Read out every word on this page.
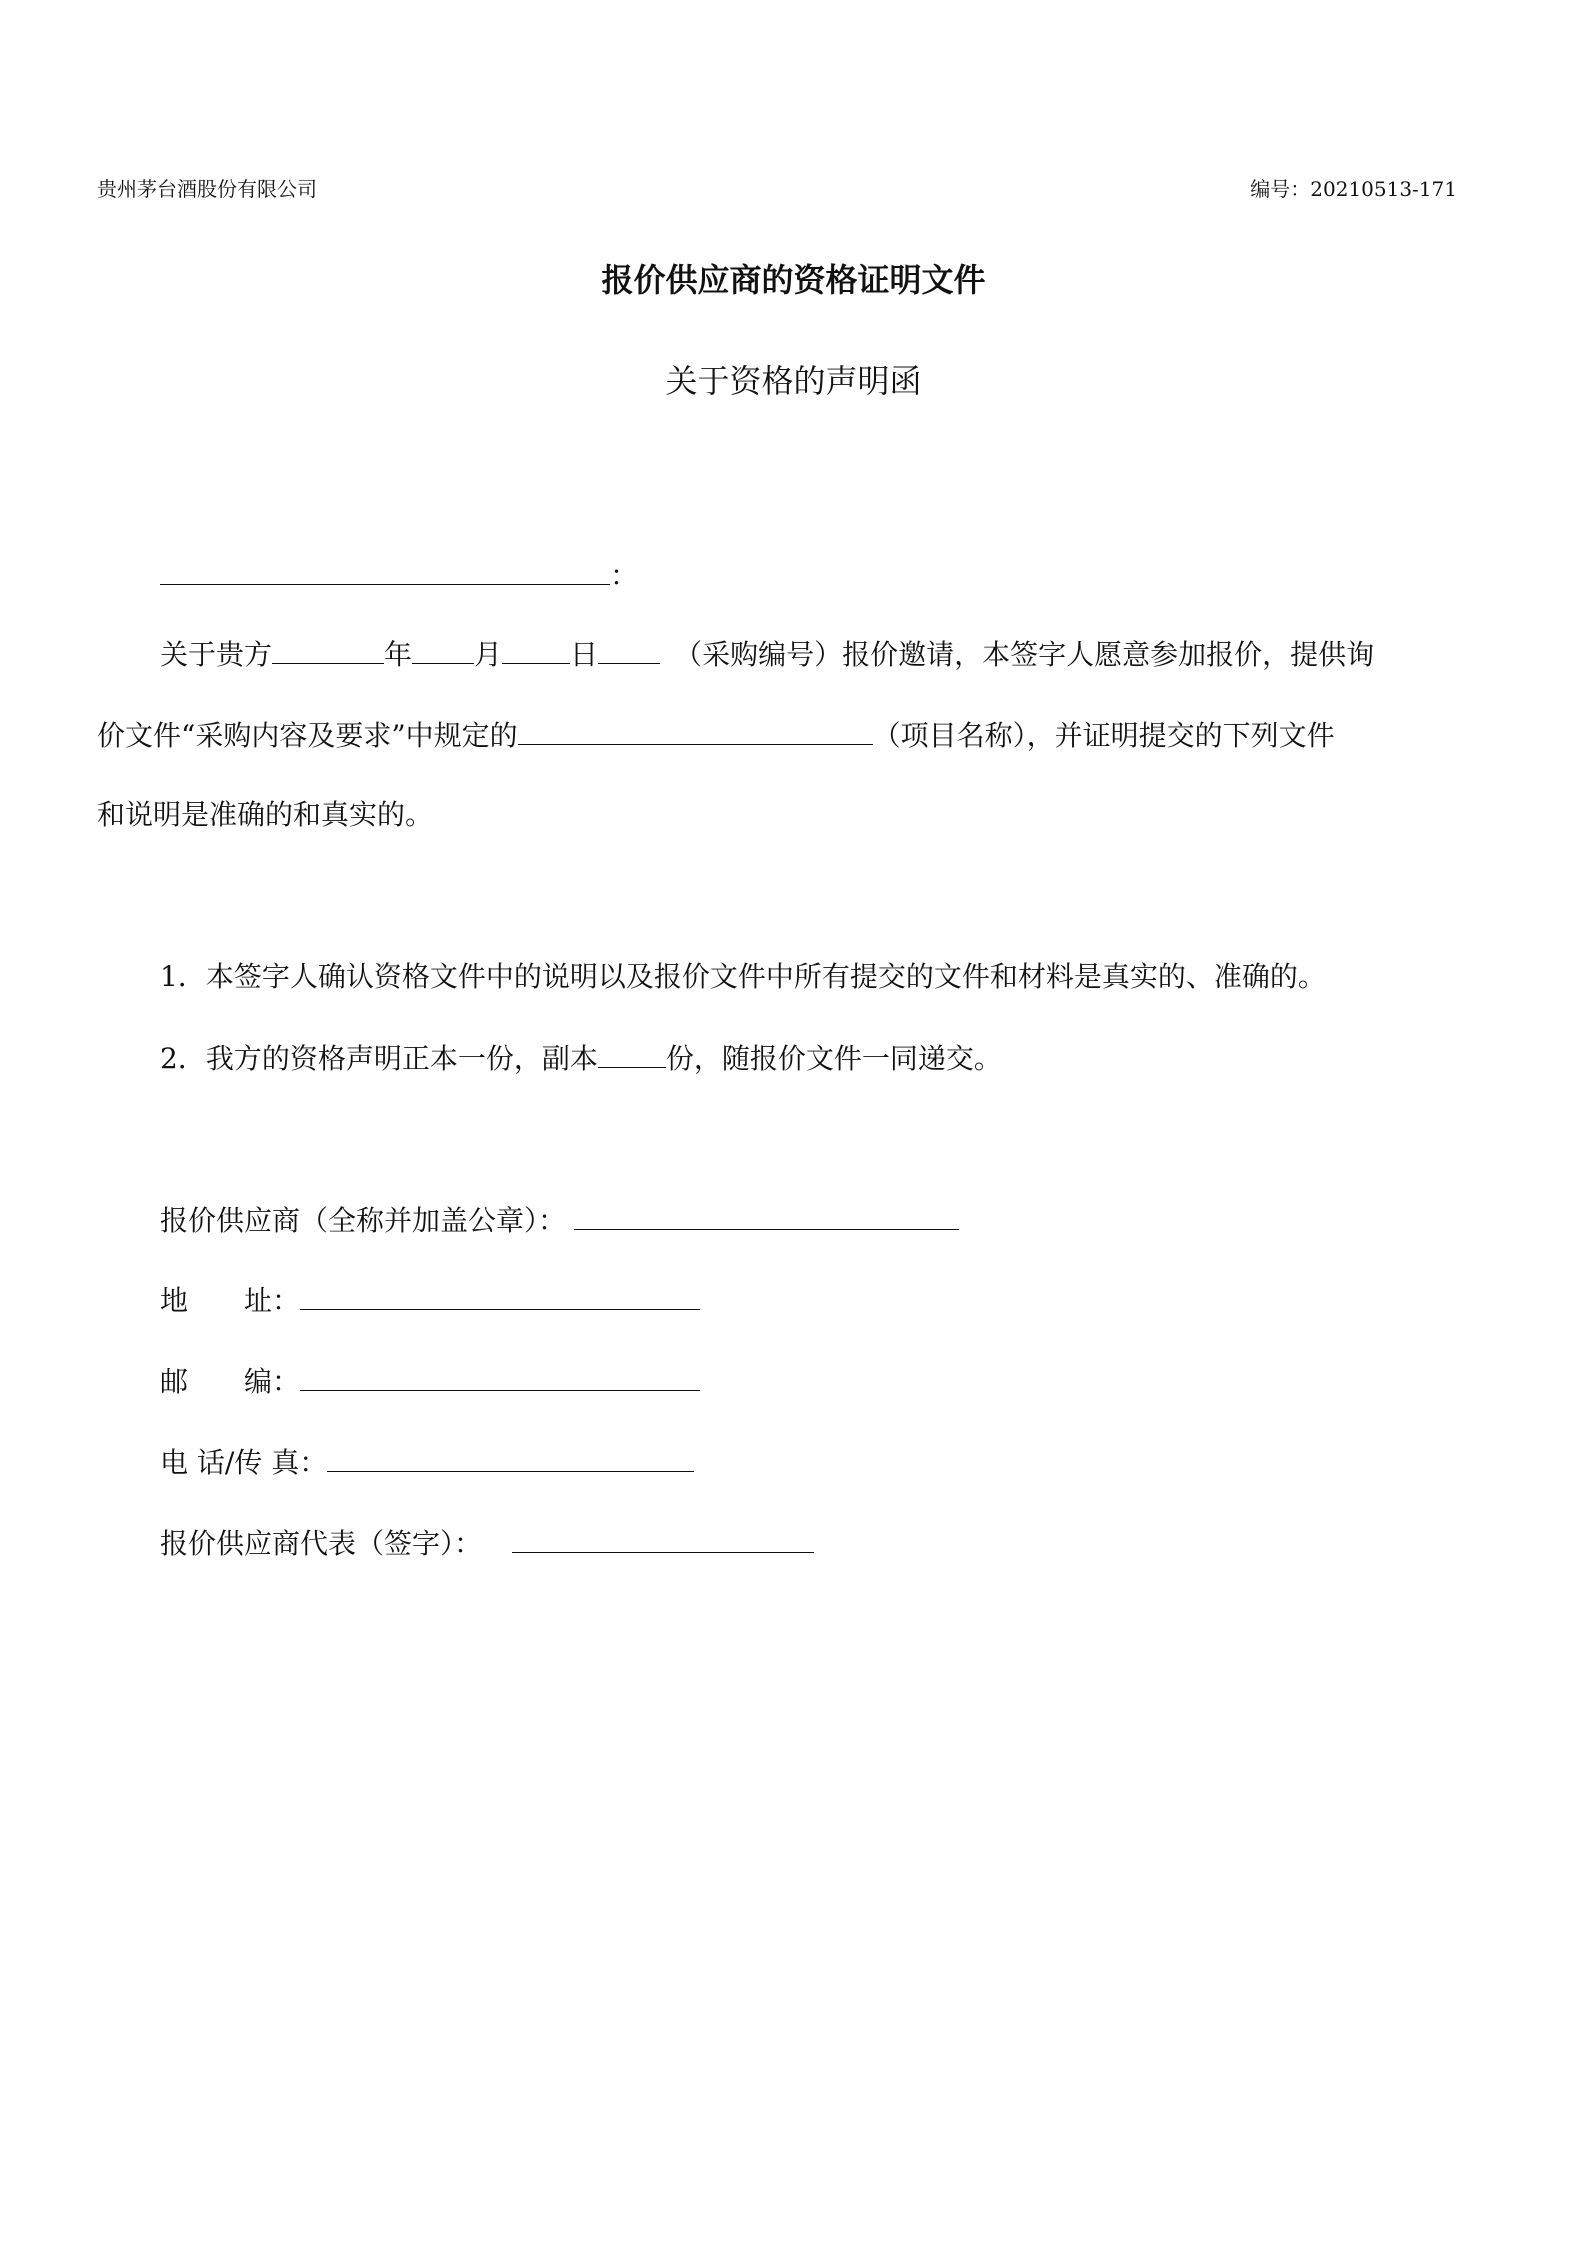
贵州茅台酒股份有限公司	编号：20210513-171
报价供应商的资格证明文件
关于资格的声明函
：
关于贵方	年 月 日	（采购编号）报价邀请，本签字人愿意参加报价，提供询
价文件“采购内容及要求”中规定的	（项目名称），并证明提交的下列文件
和说明是准确的和真实的。
1．本签字人确认资格文件中的说明以及报价文件中所有提交的文件和材料是真实的、准确的。
2．我方的资格声明正本一份，副本 份，随报价文件一同递交。
报价供应商（全称并加盖公章）：
地　　址：
邮　　编：
电 话/传 真：
报价供应商代表（签字）：
